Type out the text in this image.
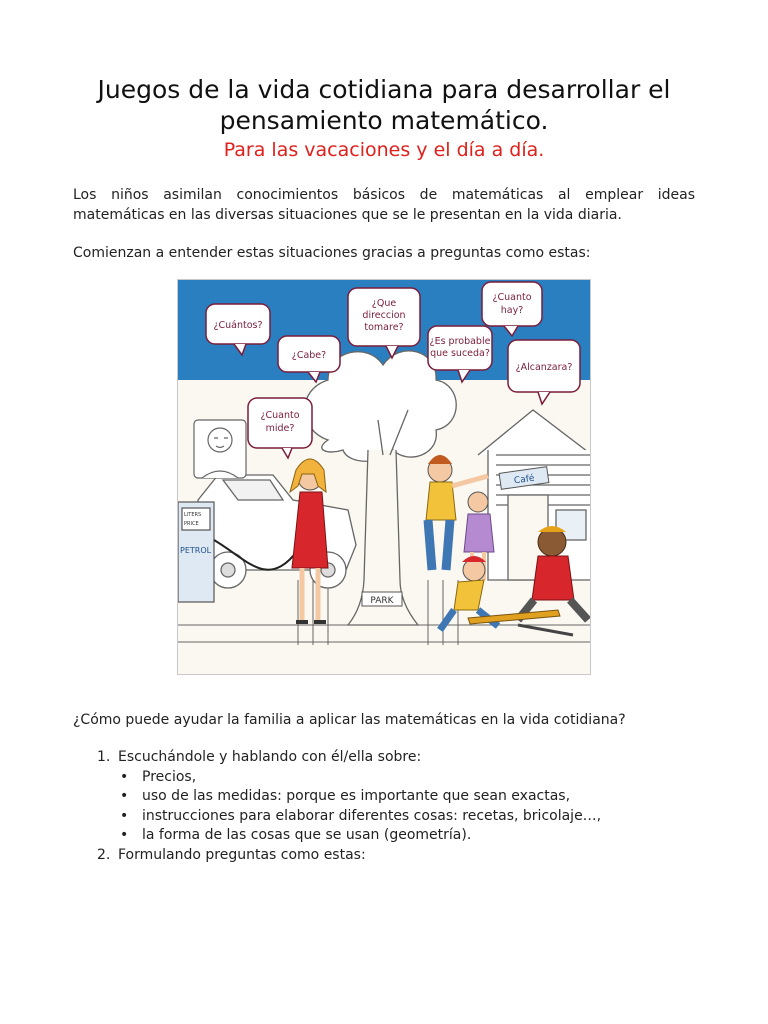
Juegos de la vida cotidiana para desarrollar el pensamiento matemático.
Para las vacaciones y el día a día.
Los niños asimilan conocimientos básicos de matemáticas al emplear ideas
matemáticas en las diversas situaciones que se le presentan en la vida diaria.
Comienzan a entender estas situaciones gracias a preguntas como estas:
Café
LITERS
PRICE
PETROL
PARK
¿Cuántos?
¿Cabe?
¿Que
direccion
tomare?
¿Es probable
que suceda?
¿Cuanto
hay?
¿Alcanzara?
¿Cuanto
mide?
¿Cómo puede ayudar la familia a aplicar las matemáticas en la vida cotidiana?
1. Escuchándole y hablando con él/ella sobre:
• Precios,
• uso de las medidas: porque es importante que sean exactas,
• instrucciones para elaborar diferentes cosas: recetas, bricolaje…,
• la forma de las cosas que se usan (geometría).
2. Formulando preguntas como estas:
